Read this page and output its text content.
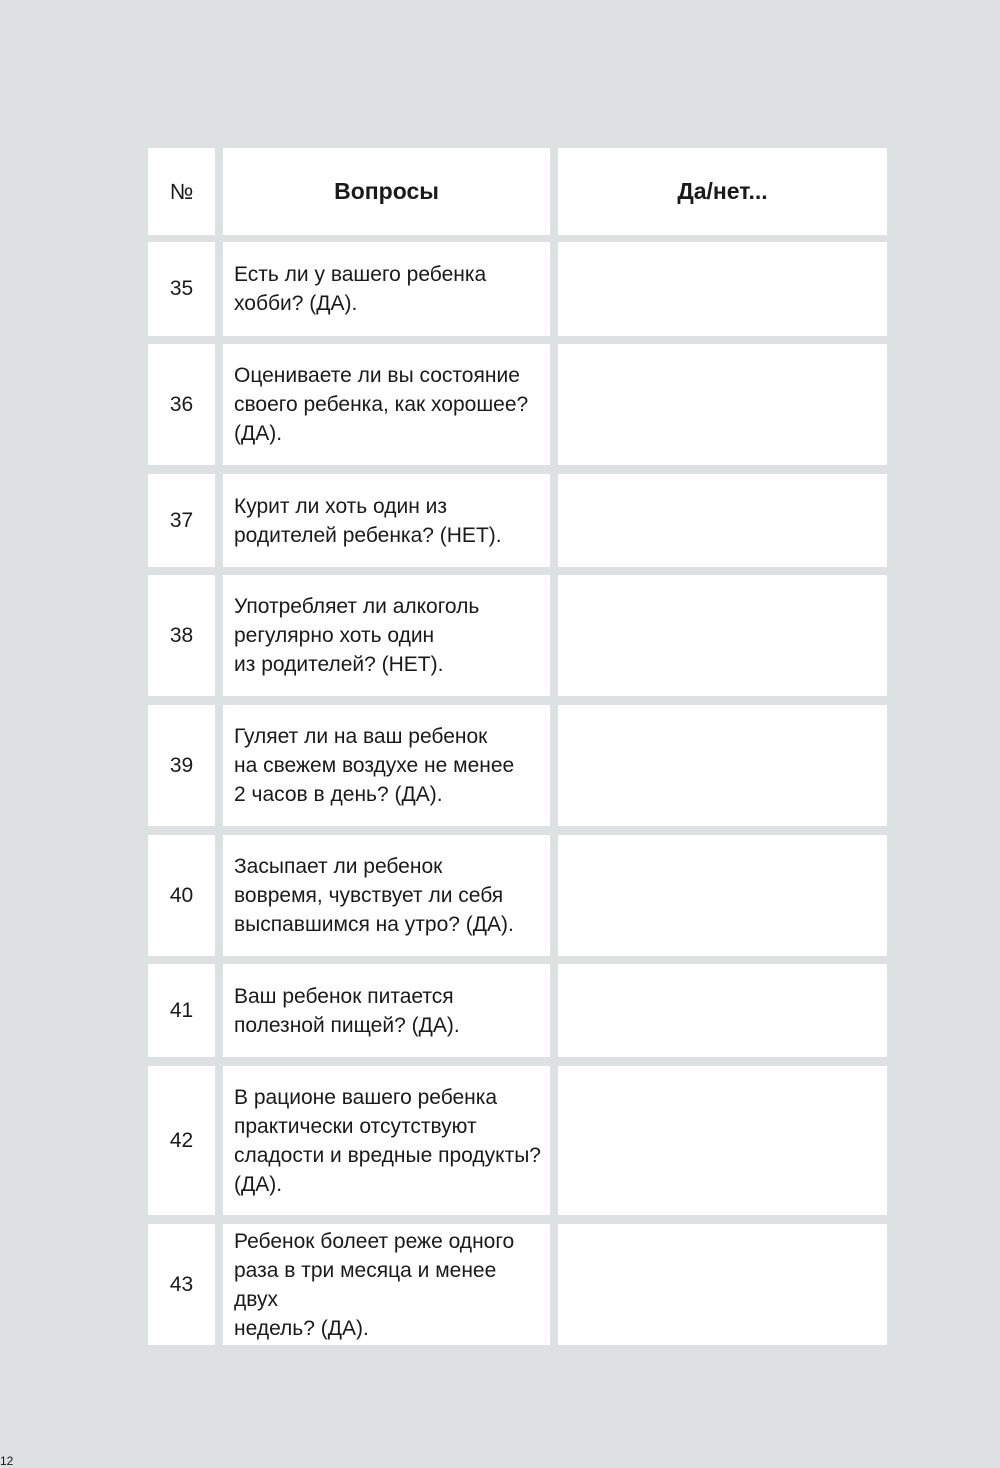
№	Вопросы	Да/нет...
35
Есть ли у вашего ребенка
хобби? (ДА).
36
Оцениваете ли вы состояние
своего ребенка, как хорошее?
(ДА).
37
Курит ли хоть один из
родителей ребенка? (НЕТ).
38
Употребляет ли алкоголь
регулярно хоть один
из родителей? (НЕТ).
39
Гуляет ли на ваш ребенок
на свежем воздухе не менее
2 часов в день? (ДА).
40
Засыпает ли ребенок
вовремя, чувствует ли себя
выспавшимся на утро? (ДА).
41
Ваш ребенок питается
полезной пищей? (ДА).
42
В рационе вашего ребенка
практически отсутствуют
сладости и вредные продукты?
(ДА).
43
Ребенок болеет реже одного
раза в три месяца и менее двух
недель? (ДА).
12
